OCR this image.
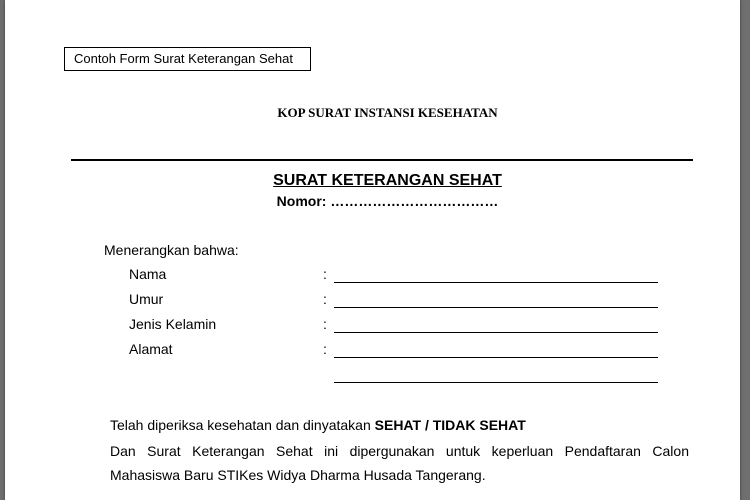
Contoh Form Surat Keterangan Sehat
KOP SURAT INSTANSI KESEHATAN
SURAT KETERANGAN SEHAT
Nomor: ………………………………
Menerangkan bahwa:
Nama	:
Umur	:
Jenis Kelamin	:
Alamat	:
Telah diperiksa kesehatan dan dinyatakan SEHAT / TIDAK SEHAT
Dan Surat Keterangan Sehat ini dipergunakan untuk keperluan Pendaftaran Calon
Mahasiswa Baru STIKes Widya Dharma Husada Tangerang.
